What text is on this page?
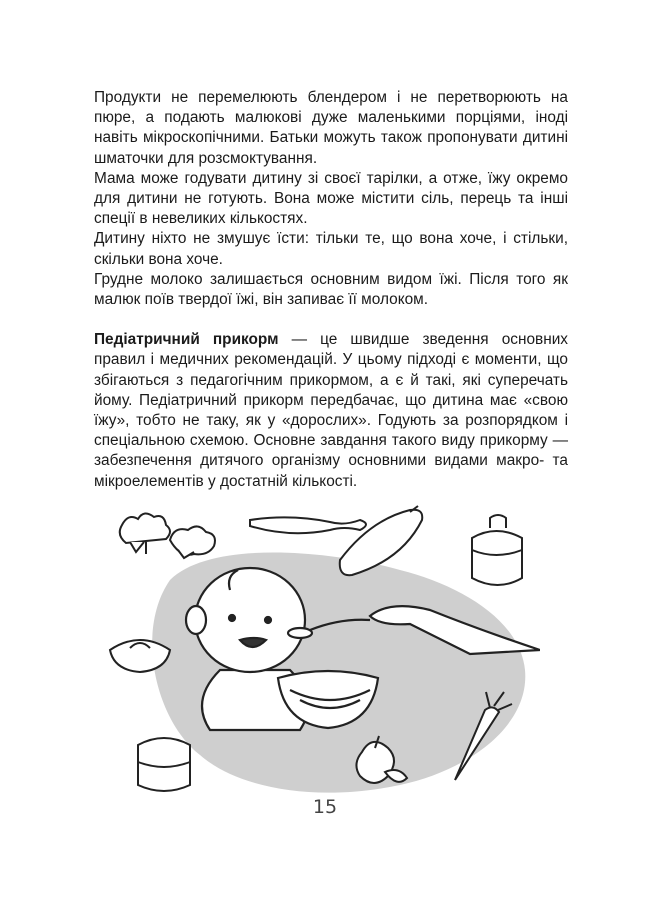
Продукти не перемелюють блендером і не перетворюють на пюре, а подають малюкові дуже маленькими порціями, іноді навіть мікроскопічними. Батьки можуть також пропонувати дитині шматочки для розсмоктування.

Мама може годувати дитину зі своєї тарілки, а отже, їжу окремо для дитини не готують. Вона може містити сіль, перець та інші спеції в невеликих кількостях.

Дитину ніхто не змушує їсти: тільки те, що вона хоче, і стільки, скільки вона хоче.

Грудне молоко залишається основним видом їжі. Після того як малюк поїв твердої їжі, він запиває її молоком.

Педіатричний прикорм — це швидше зведення основних правил і медичних рекомендацій. У цьому підході є моменти, що збігаються з педагогічним прикормом, а є й такі, які суперечать йому. Педіатричний прикорм передбачає, що дитина має «свою їжу», тобто не таку, як у «дорослих». Годують за розпорядком і спеціальною схемою. Основне завдання такого виду прикорму — забезпечення дитячого організму основними видами макро- та мікроелементів у достатній кількості.

15
